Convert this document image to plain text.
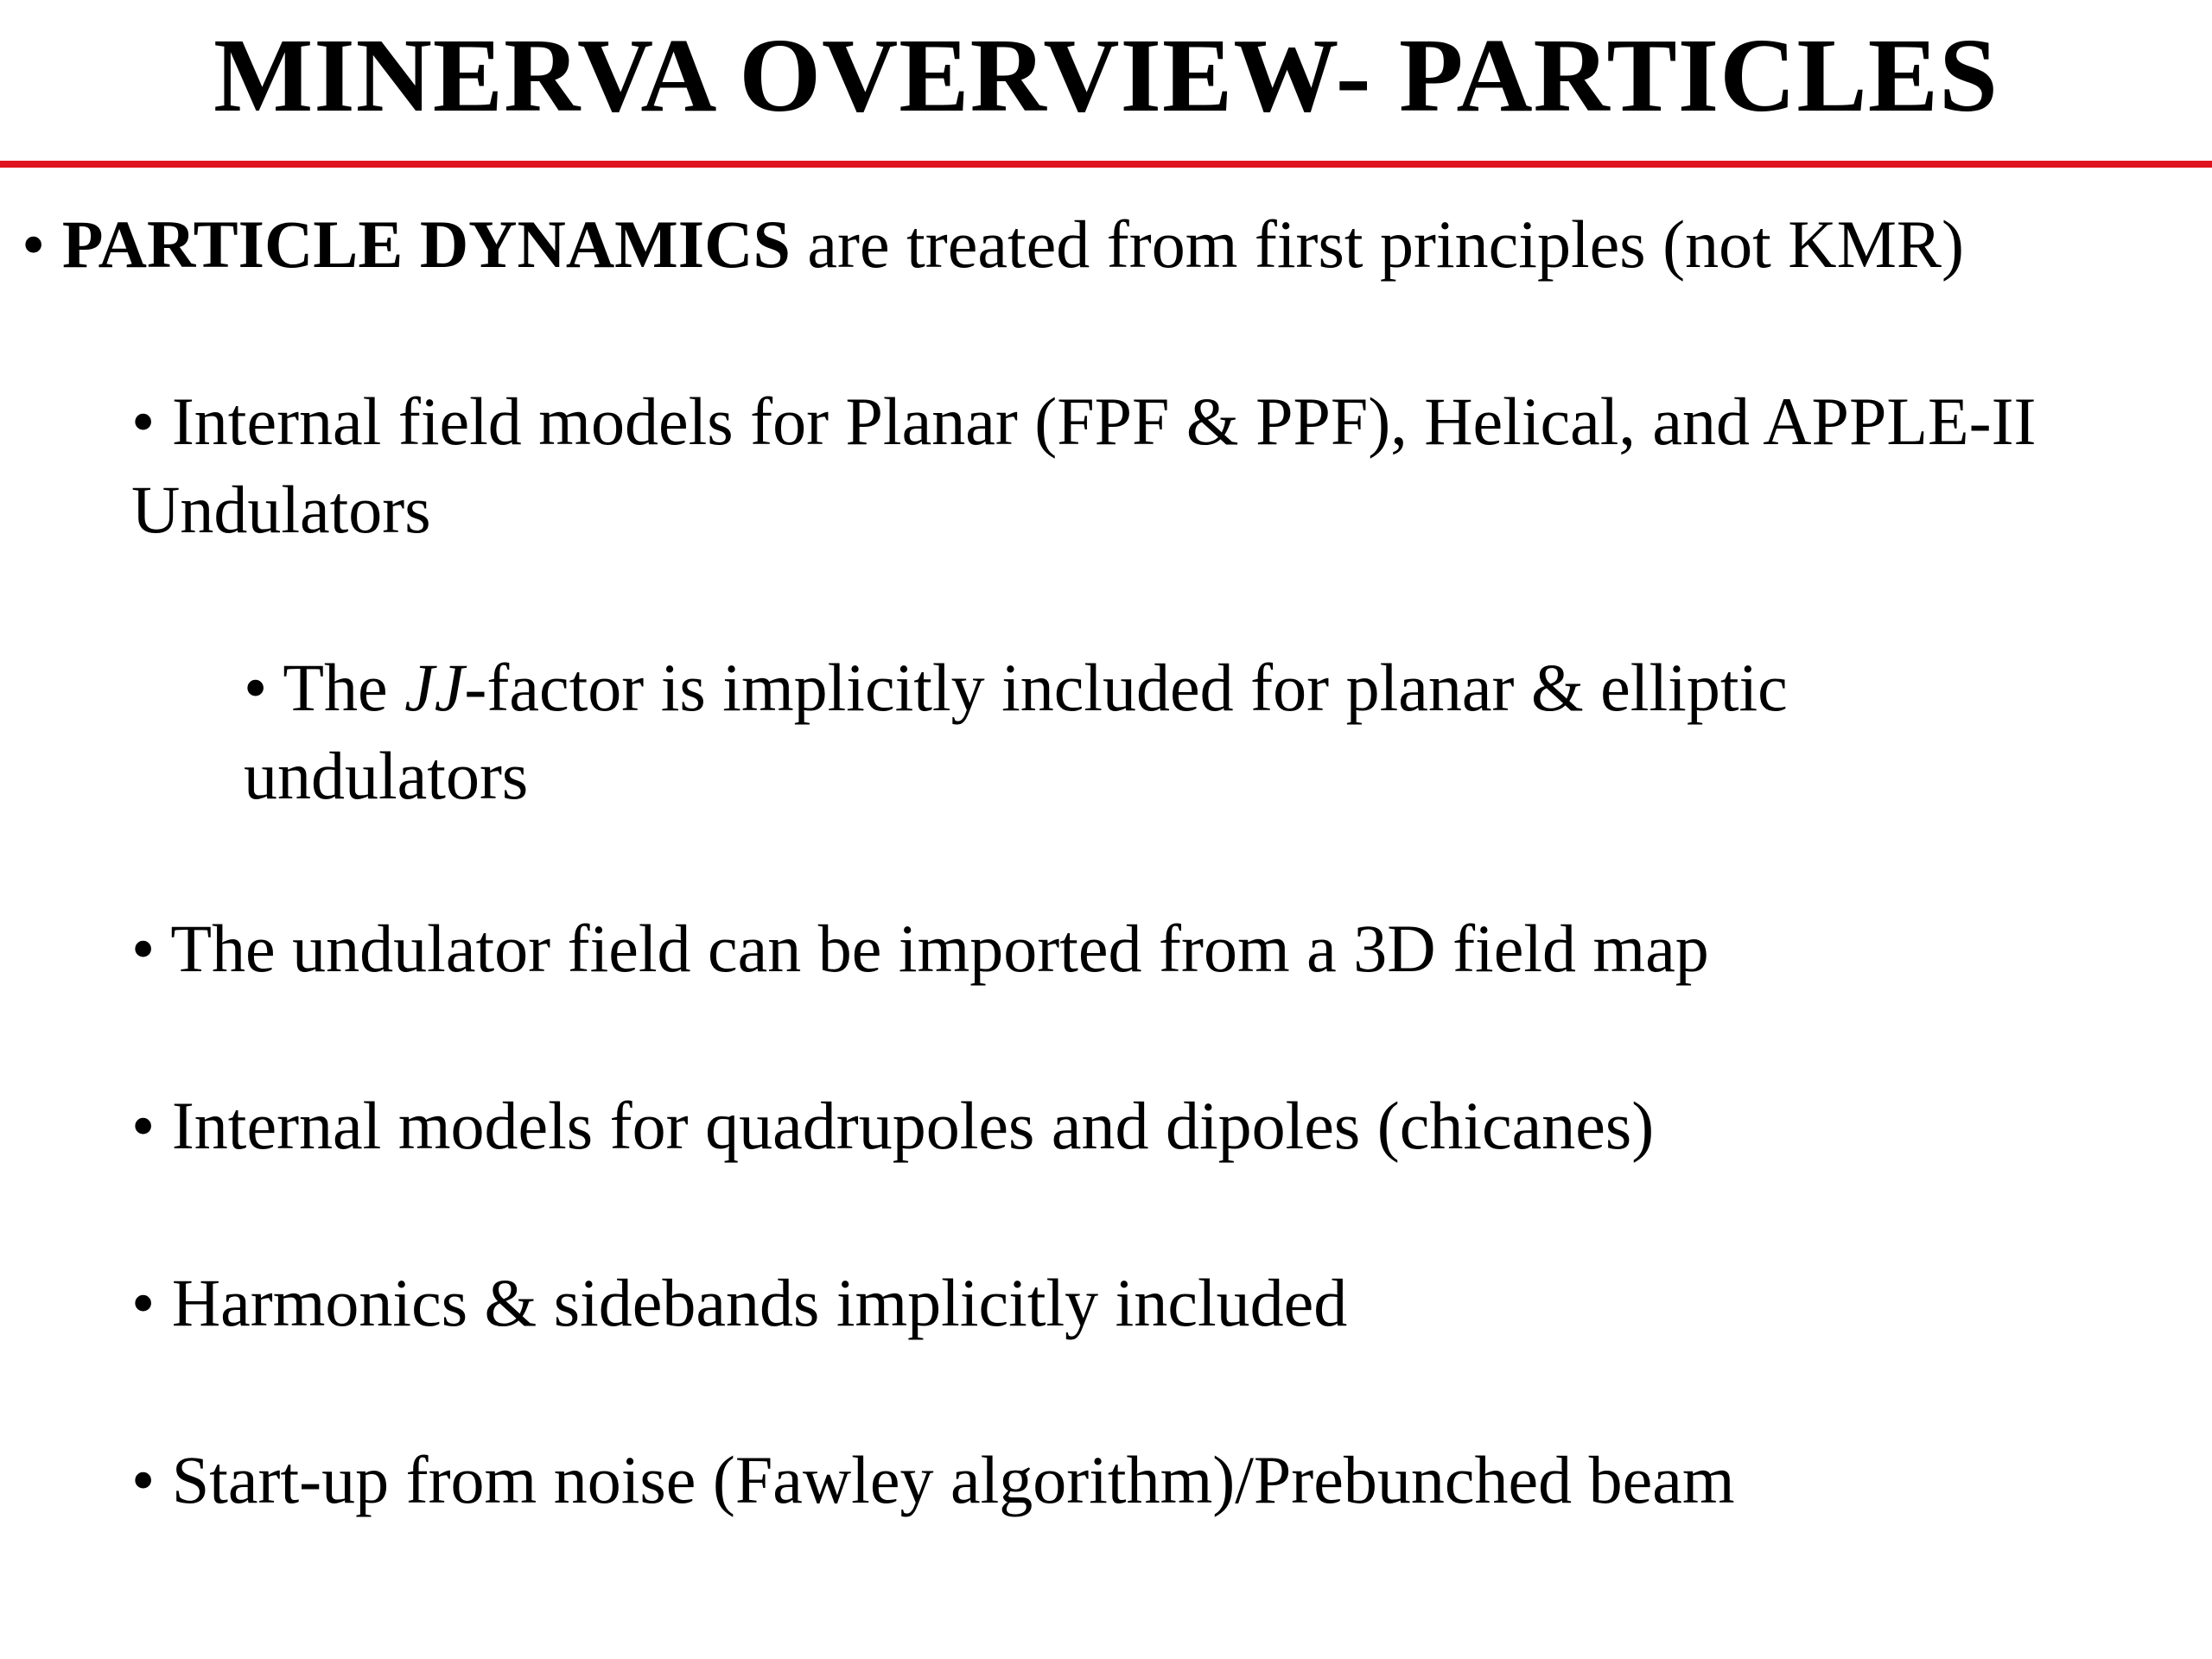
MINERVA OVERVIEW- PARTICLES

• PARTICLE DYNAMICS are treated from first principles (not KMR)

• Internal field models for Planar (FPF & PPF), Helical, and APPLE-II Undulators

• The JJ-factor is implicitly included for planar & elliptic undulators

• The undulator field can be imported from a 3D field map

• Internal models for quadrupoles and dipoles (chicanes)

• Harmonics & sidebands implicitly included

• Start-up from noise (Fawley algorithm)/Prebunched beam
